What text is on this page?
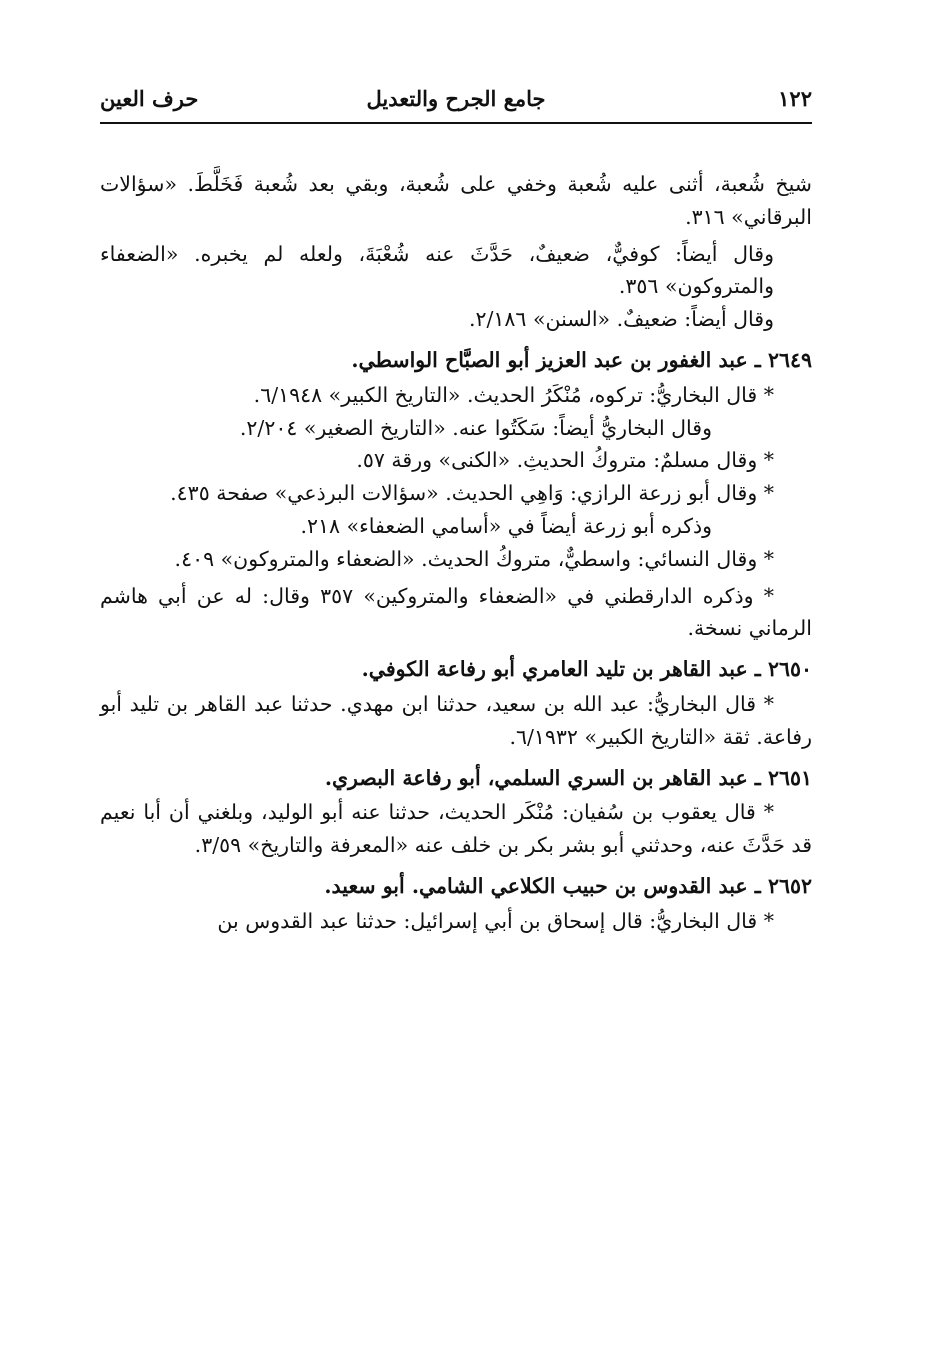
١٢٢
جامع الجرح والتعديل
حرف العين

شيخ شُعبة، أثنى عليه شُعبة وخفي على شُعبة، وبقي بعد شُعبة فَخَلَّطَ. «سؤالات البرقاني» ٣١٦.

وقال أيضاً: كوفيٌّ، ضعيفٌ، حَدَّثَ عنه شُعْبَةَ، ولعله لم يخبره. «الضعفاء والمتروكون» ٣٥٦.

وقال أيضاً: ضعيفٌ. «السنن» ٢/١٨٦.

٢٦٤٩ ـ عبد الغفور بن عبد العزيز أبو الصبَّاح الواسطي.

* قال البخاريُّ: تركوه، مُنْكَرُ الحديث. «التاريخ الكبير» ٦/١٩٤٨.

وقال البخاريُّ أيضاً: سَكَتُوا عنه. «التاريخ الصغير» ٢/٢٠٤.

* وقال مسلمٌ: متروكُ الحديثِ. «الكنى» ورقة ٥٧.

* وقال أبو زرعة الرازي: وَاهِي الحديث. «سؤالات البرذعي» صفحة ٤٣٥.

وذكره أبو زرعة أيضاً في «أسامي الضعفاء» ٢١٨.

* وقال النسائي: واسطيٌّ، متروكُ الحديث. «الضعفاء والمتروكون» ٤٠٩.

* وذكره الدارقطني في «الضعفاء والمتروكين» ٣٥٧ وقال: له عن أبي هاشم الرماني نسخة.

٢٦٥٠ ـ عبد القاهر بن تليد العامري أبو رفاعة الكوفي.

* قال البخاريُّ: عبد الله بن سعيد، حدثنا ابن مهدي. حدثنا عبد القاهر بن تليد أبو رفاعة. ثقة «التاريخ الكبير» ٦/١٩٣٢.

٢٦٥١ ـ عبد القاهر بن السري السلمي، أبو رفاعة البصري.

* قال يعقوب بن سُفيان: مُنْكَر الحديث، حدثنا عنه أبو الوليد، وبلغني أن أبا نعيم قد حَدَّثَ عنه، وحدثني أبو بشر بكر بن خلف عنه «المعرفة والتاريخ» ٣/٥٩.

٢٦٥٢ ـ عبد القدوس بن حبيب الكلاعي الشامي. أبو سعيد.

* قال البخاريُّ: قال إسحاق بن أبي إسرائيل: حدثنا عبد القدوس بن
